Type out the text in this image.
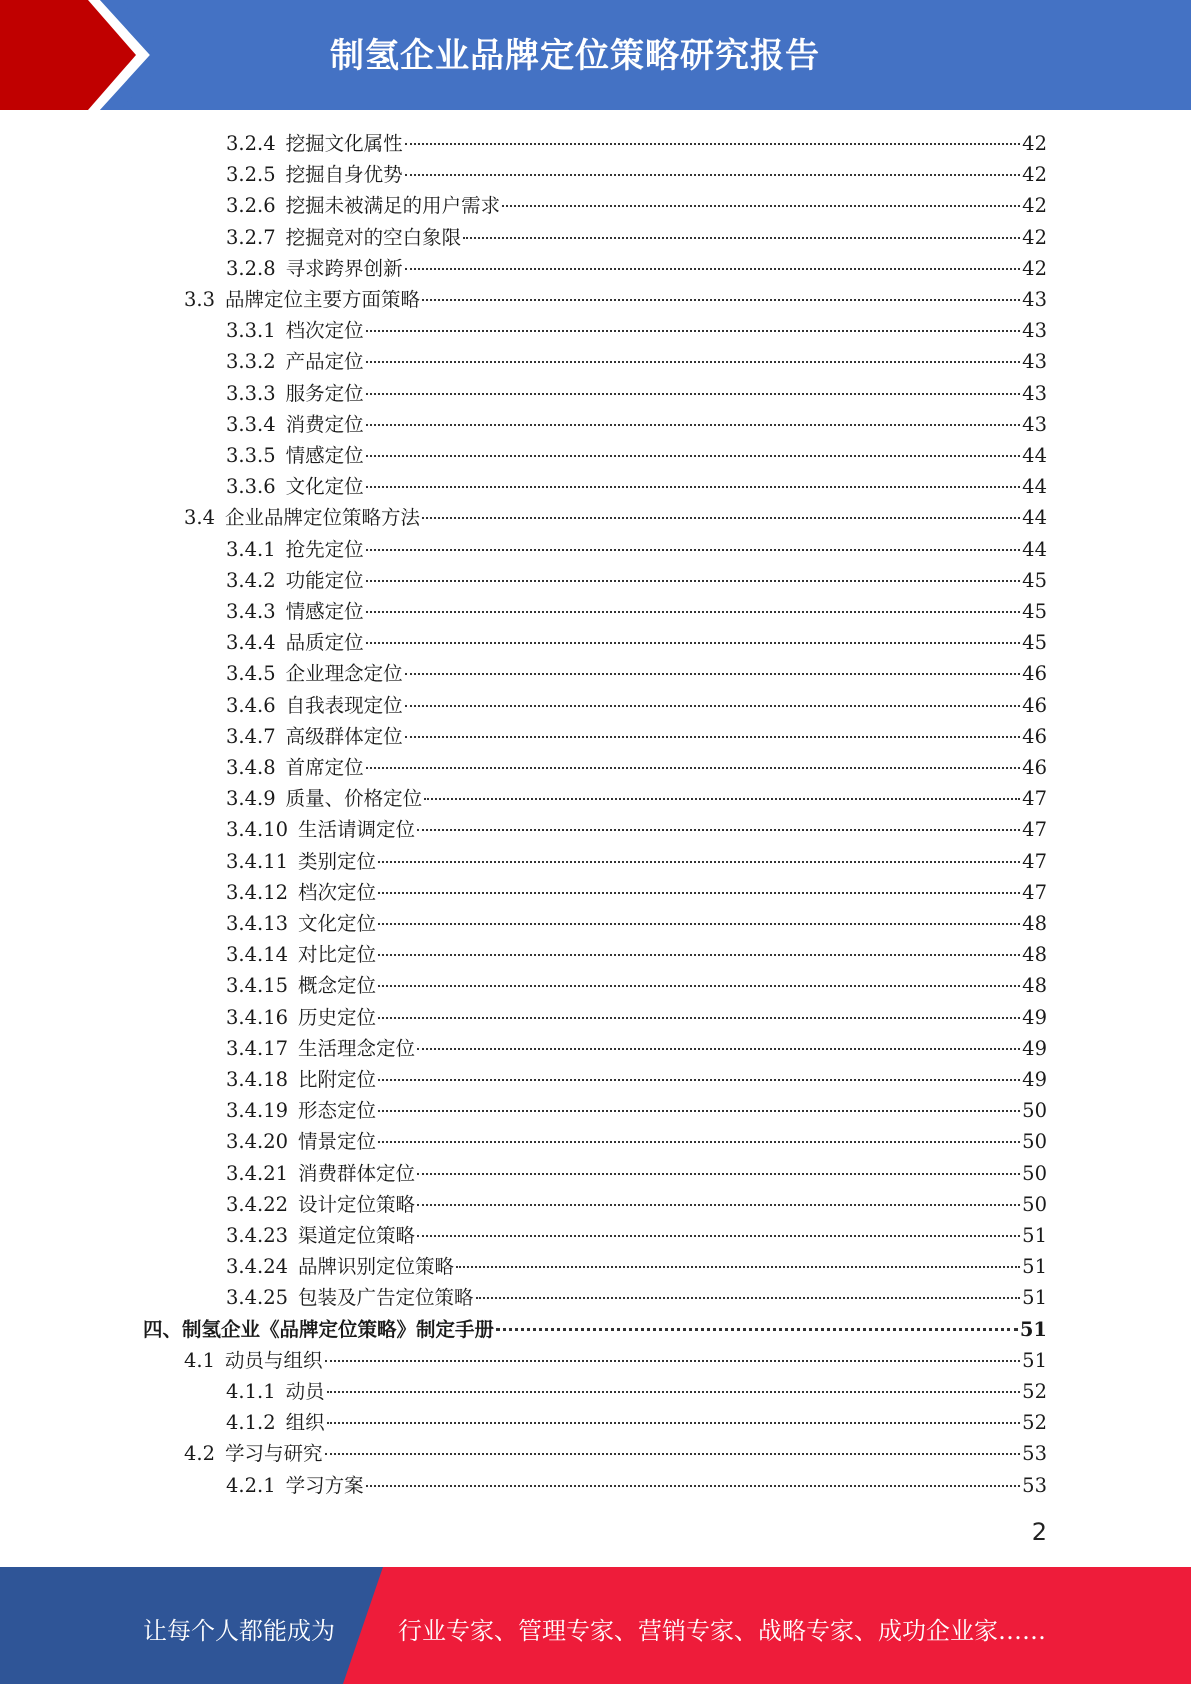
制氢企业品牌定位策略研究报告
3.2.4 挖掘文化属性	42
3.2.5 挖掘自身优势	42
3.2.6 挖掘未被满足的用户需求	42
3.2.7 挖掘竞对的空白象限	42
3.2.8 寻求跨界创新	42
3.3 品牌定位主要方面策略	43
3.3.1 档次定位	43
3.3.2 产品定位	43
3.3.3 服务定位	43
3.3.4 消费定位	43
3.3.5 情感定位	44
3.3.6 文化定位	44
3.4 企业品牌定位策略方法	44
3.4.1 抢先定位	44
3.4.2 功能定位	45
3.4.3 情感定位	45
3.4.4 品质定位	45
3.4.5 企业理念定位	46
3.4.6 自我表现定位	46
3.4.7 高级群体定位	46
3.4.8 首席定位	46
3.4.9 质量、价格定位	47
3.4.10 生活请调定位	47
3.4.11 类别定位	47
3.4.12 档次定位	47
3.4.13 文化定位	48
3.4.14 对比定位	48
3.4.15 概念定位	48
3.4.16 历史定位	49
3.4.17 生活理念定位	49
3.4.18 比附定位	49
3.4.19 形态定位	50
3.4.20 情景定位	50
3.4.21 消费群体定位	50
3.4.22 设计定位策略	50
3.4.23 渠道定位策略	51
3.4.24 品牌识别定位策略	51
3.4.25 包装及广告定位策略	51
四、制氢企业《品牌定位策略》制定手册	51
4.1 动员与组织	51
4.1.1 动员	52
4.1.2 组织	52
4.2 学习与研究	53
4.2.1 学习方案	53
2
让每个人都能成为	行业专家、管理专家、营销专家、战略专家、成功企业家……
